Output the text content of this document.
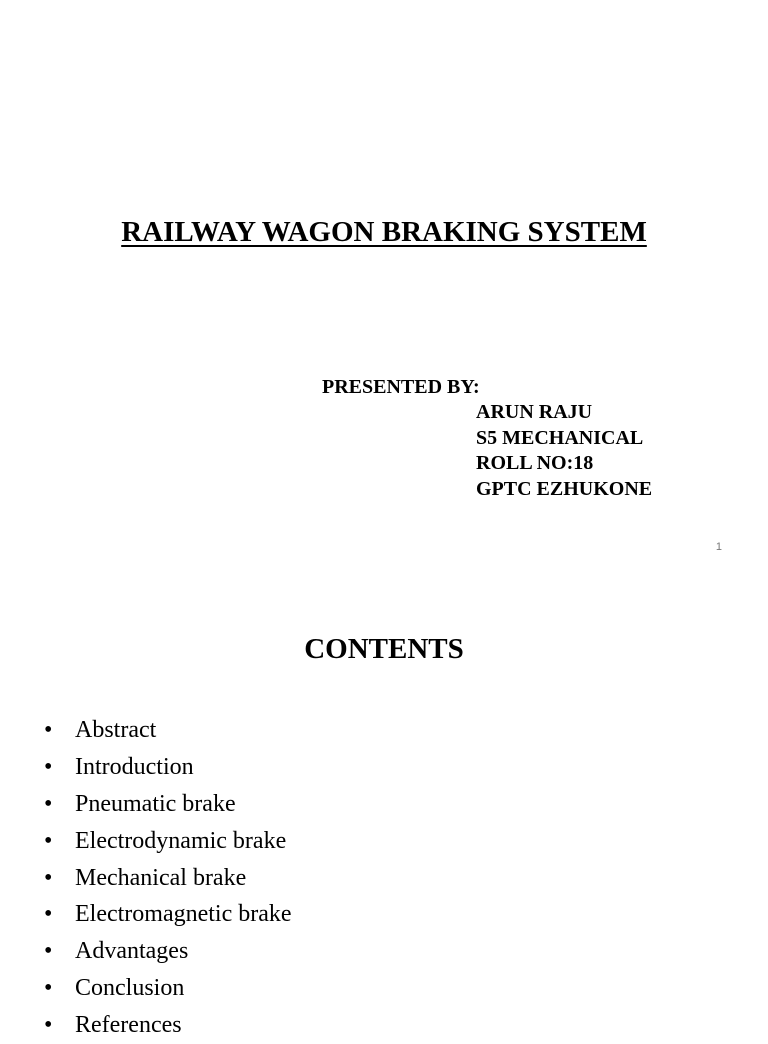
RAILWAY WAGON BRAKING SYSTEM
PRESENTED BY:
ARUN RAJU
S5 MECHANICAL
ROLL NO:18
GPTC EZHUKONE
1
CONTENTS
• Abstract
• Introduction
• Pneumatic brake
• Electrodynamic brake
• Mechanical brake
• Electromagnetic brake
• Advantages
• Conclusion
• References
